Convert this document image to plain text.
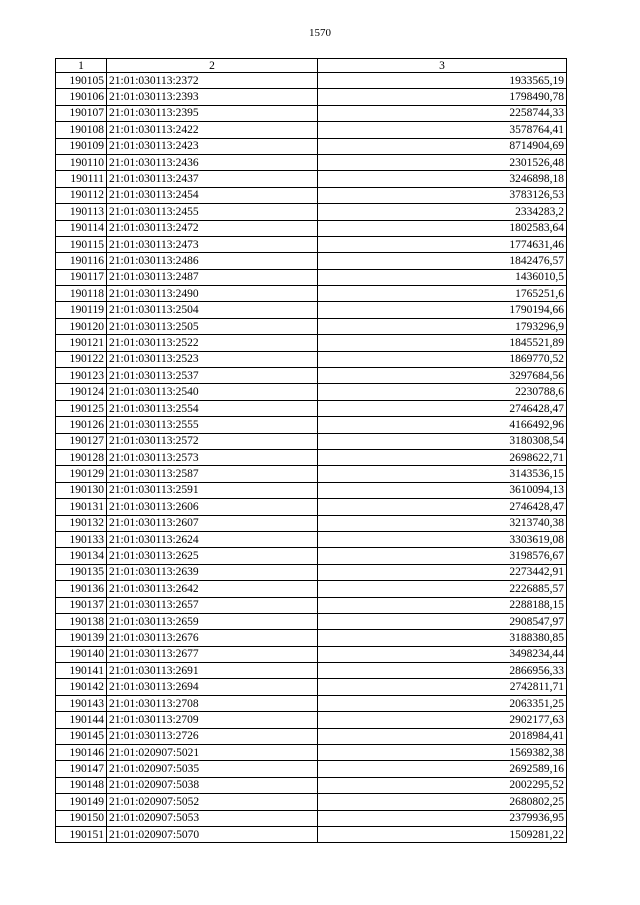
1570
1	2	3
190105	21:01:030113:2372	1933565,19
190106	21:01:030113:2393	1798490,78
190107	21:01:030113:2395	2258744,33
190108	21:01:030113:2422	3578764,41
190109	21:01:030113:2423	8714904,69
190110	21:01:030113:2436	2301526,48
190111	21:01:030113:2437	3246898,18
190112	21:01:030113:2454	3783126,53
190113	21:01:030113:2455	2334283,2
190114	21:01:030113:2472	1802583,64
190115	21:01:030113:2473	1774631,46
190116	21:01:030113:2486	1842476,57
190117	21:01:030113:2487	1436010,5
190118	21:01:030113:2490	1765251,6
190119	21:01:030113:2504	1790194,66
190120	21:01:030113:2505	1793296,9
190121	21:01:030113:2522	1845521,89
190122	21:01:030113:2523	1869770,52
190123	21:01:030113:2537	3297684,56
190124	21:01:030113:2540	2230788,6
190125	21:01:030113:2554	2746428,47
190126	21:01:030113:2555	4166492,96
190127	21:01:030113:2572	3180308,54
190128	21:01:030113:2573	2698622,71
190129	21:01:030113:2587	3143536,15
190130	21:01:030113:2591	3610094,13
190131	21:01:030113:2606	2746428,47
190132	21:01:030113:2607	3213740,38
190133	21:01:030113:2624	3303619,08
190134	21:01:030113:2625	3198576,67
190135	21:01:030113:2639	2273442,91
190136	21:01:030113:2642	2226885,57
190137	21:01:030113:2657	2288188,15
190138	21:01:030113:2659	2908547,97
190139	21:01:030113:2676	3188380,85
190140	21:01:030113:2677	3498234,44
190141	21:01:030113:2691	2866956,33
190142	21:01:030113:2694	2742811,71
190143	21:01:030113:2708	2063351,25
190144	21:01:030113:2709	2902177,63
190145	21:01:030113:2726	2018984,41
190146	21:01:020907:5021	1569382,38
190147	21:01:020907:5035	2692589,16
190148	21:01:020907:5038	2002295,52
190149	21:01:020907:5052	2680802,25
190150	21:01:020907:5053	2379936,95
190151	21:01:020907:5070	1509281,22
